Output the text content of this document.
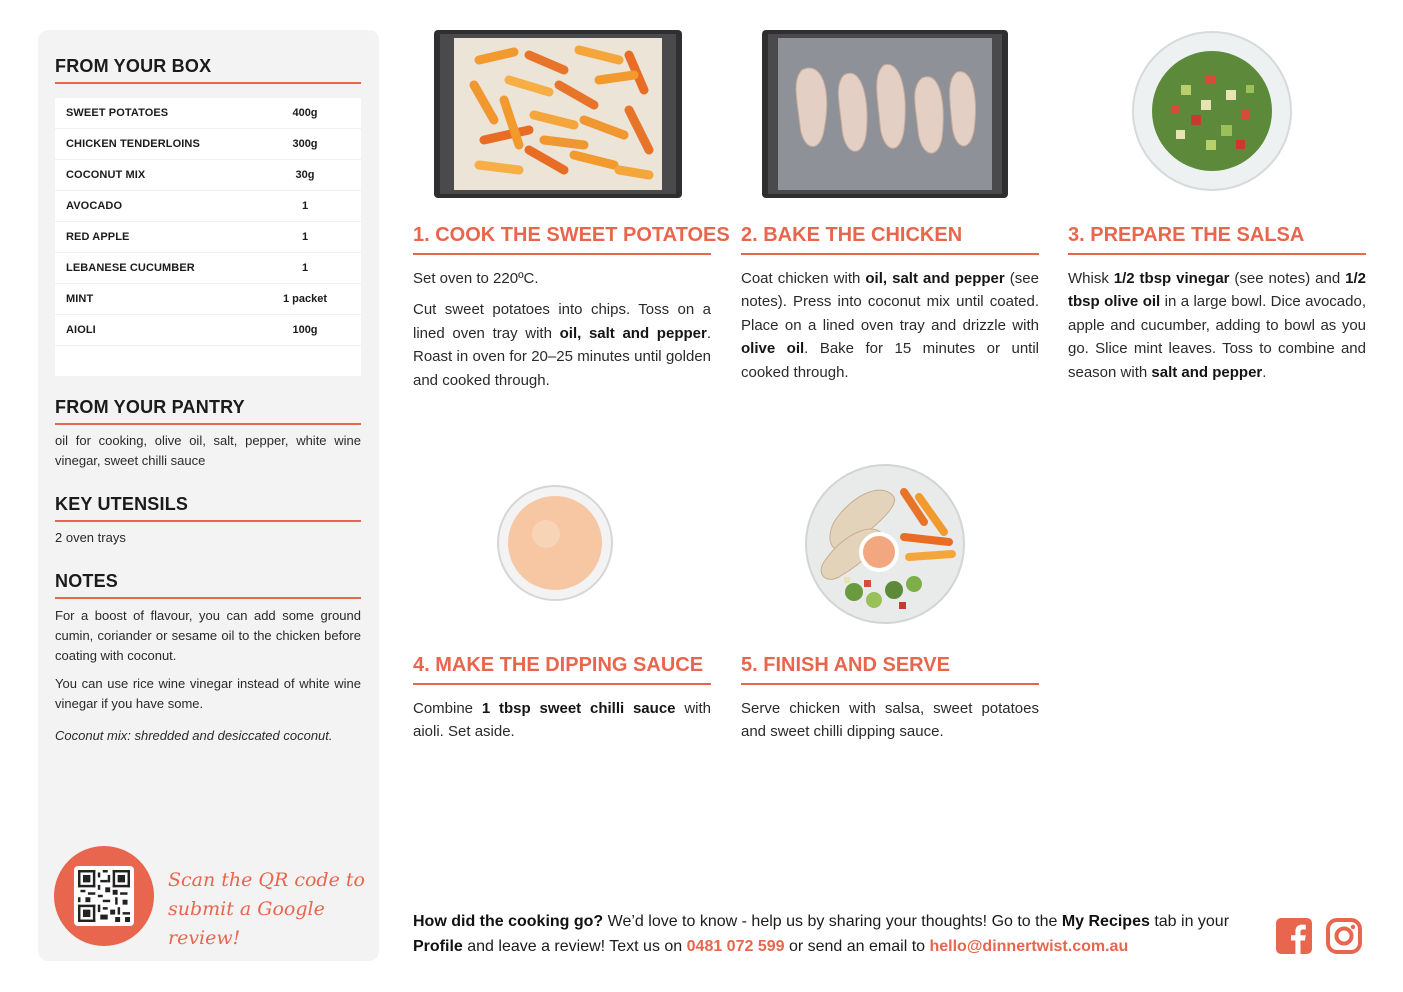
FROM YOUR BOX
SWEET POTATOES	400g
CHICKEN TENDERLOINS	300g
COCONUT MIX	30g
AVOCADO	1
RED APPLE	1
LEBANESE CUCUMBER	1
MINT	1 packet
AIOLI	100g
FROM YOUR PANTRY
oil for cooking, olive oil, salt, pepper, white wine vinegar, sweet chilli sauce
KEY UTENSILS
2 oven trays
NOTES

For a boost of flavour, you can add some ground cumin, coriander or sesame oil to the chicken before coating with coconut.

You can use rice wine vinegar instead of white wine vinegar if you have some.

Coconut mix: shredded and desiccated coconut.

Scan the QR code to
submit a Google review!
1. COOK THE SWEET POTATOES

Set oven to 220ºC.

Cut sweet potatoes into chips. Toss on a lined oven tray with oil, salt and pepper. Roast in oven for 20–25 minutes until golden and cooked through.

2. BAKE THE CHICKEN

Coat chicken with oil, salt and pepper (see notes). Press into coconut mix until coated. Place on a lined oven tray and drizzle with olive oil. Bake for 15 minutes or until cooked through.

3. PREPARE THE SALSA

Whisk 1/2 tbsp vinegar (see notes) and 1/2 tbsp olive oil in a large bowl. Dice avocado, apple and cucumber, adding to bowl as you go. Slice mint leaves. Toss to combine and season with salt and pepper.

4. MAKE THE DIPPING SAUCE

Combine 1 tbsp sweet chilli sauce with aioli. Set aside.

5. FINISH AND SERVE

Serve chicken with salsa, sweet potatoes and sweet chilli dipping sauce.

How did the cooking go? We’d love to know - help us by sharing your thoughts! Go to the My Recipes tab in your Profile and leave a review! Text us on 0481 072 599 or send an email to hello@dinnertwist.com.au
